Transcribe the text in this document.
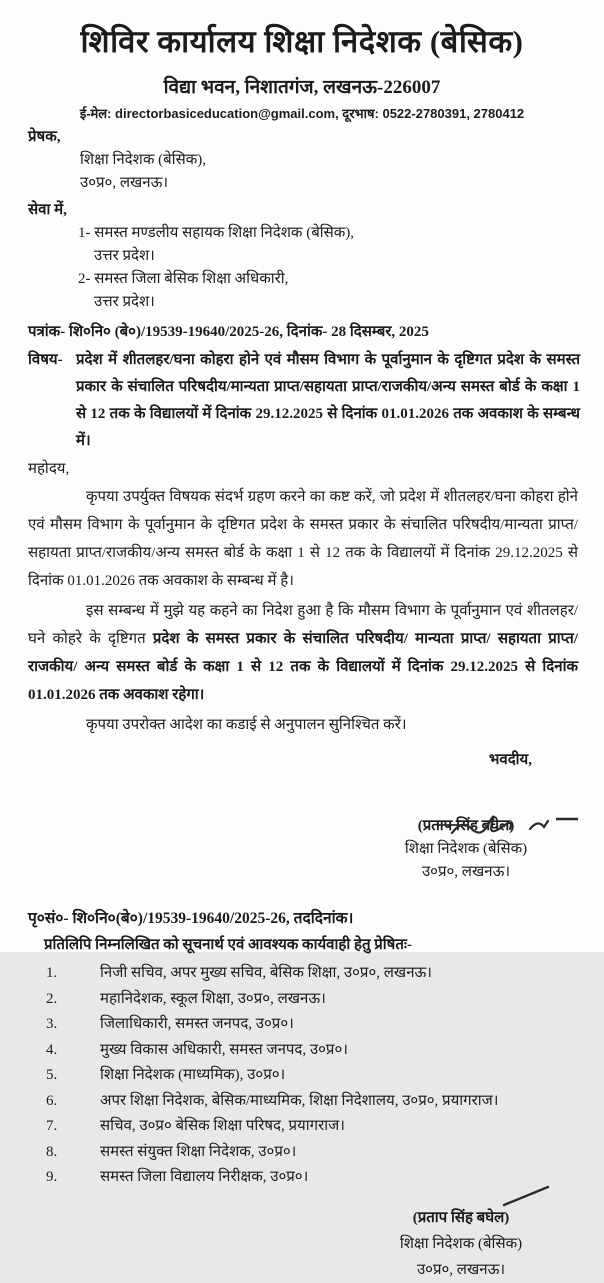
शिविर कार्यालय शिक्षा निदेशक (बेसिक)
विद्या भवन, निशातगंज, लखनऊ-226007
ई-मेल: directorbasiceducation@gmail.com, दूरभाष: 0522-2780391, 2780412
प्रेषक,
शिक्षा निदेशक (बेसिक),
उ०प्र०, लखनऊ।
सेवा में,
1- समस्त मण्डलीय सहायक शिक्षा निदेशक (बेसिक),
उत्तर प्रदेश।
2- समस्त जिला बेसिक शिक्षा अधिकारी,
उत्तर प्रदेश।
पत्रांक- शि०नि० (बे०)/19539-19640/2025-26, दिनांक- 28 दिसम्बर, 2025
विषय- प्रदेश में शीतलहर/घना कोहरा होने एवं मौसम विभाग के पूर्वानुमान के दृष्टिगत प्रदेश के समस्त प्रकार के संचालित परिषदीय/मान्यता प्राप्त/सहायता प्राप्त/राजकीय/अन्य समस्त बोर्ड के कक्षा 1 से 12 तक के विद्यालयों में दिनांक 29.12.2025 से दिनांक 01.01.2026 तक अवकाश के सम्बन्ध में।
महोदय,

कृपया उपर्युक्त विषयक संदर्भ ग्रहण करने का कष्ट करें, जो प्रदेश में शीतलहर/घना कोहरा होने एवं मौसम विभाग के पूर्वानुमान के दृष्टिगत प्रदेश के समस्त प्रकार के संचालित परिषदीय/मान्यता प्राप्त/सहायता प्राप्त/राजकीय/अन्य समस्त बोर्ड के कक्षा 1 से 12 तक के विद्यालयों में दिनांक 29.12.2025 से दिनांक 01.01.2026 तक अवकाश के सम्बन्ध में है।

इस सम्बन्ध में मुझे यह कहने का निदेश हुआ है कि मौसम विभाग के पूर्वानुमान एवं शीतलहर/घने कोहरे के दृष्टिगत प्रदेश के समस्त प्रकार के संचालित परिषदीय/ मान्यता प्राप्त/ सहायता प्राप्त/ राजकीय/ अन्य समस्त बोर्ड के कक्षा 1 से 12 तक के विद्यालयों में दिनांक 29.12.2025 से दिनांक 01.01.2026 तक अवकाश रहेगा।

कृपया उपरोक्त आदेश का कडाई से अनुपालन सुनिश्चित करें।

भवदीय,
(प्रताप सिंह बघेल)
शिक्षा निदेशक (बेसिक)
उ०प्र०, लखनऊ।
पृ०सं०- शि०नि०(बे०)/19539-19640/2025-26, तददिनांक।
प्रतिलिपि निम्नलिखित को सूचनार्थ एवं आवश्यक कार्यवाही हेतु प्रेषितः-
1.	निजी सचिव, अपर मुख्य सचिव, बेसिक शिक्षा, उ०प्र०, लखनऊ।
2.	महानिदेशक, स्कूल शिक्षा, उ०प्र०, लखनऊ।
3.	जिलाधिकारी, समस्त जनपद, उ०प्र०।
4.	मुख्य विकास अधिकारी, समस्त जनपद, उ०प्र०।
5.	शिक्षा निदेशक (माध्यमिक), उ०प्र०।
6.	अपर शिक्षा निदेशक, बेसिक/माध्यमिक, शिक्षा निदेशालय, उ०प्र०, प्रयागराज।
7.	सचिव, उ०प्र० बेसिक शिक्षा परिषद, प्रयागराज।
8.	समस्त संयुक्त शिक्षा निदेशक, उ०प्र०।
9.	समस्त जिला विद्यालय निरीक्षक, उ०प्र०।
(प्रताप सिंह बघेल)
शिक्षा निदेशक (बेसिक)
उ०प्र०, लखनऊ।
